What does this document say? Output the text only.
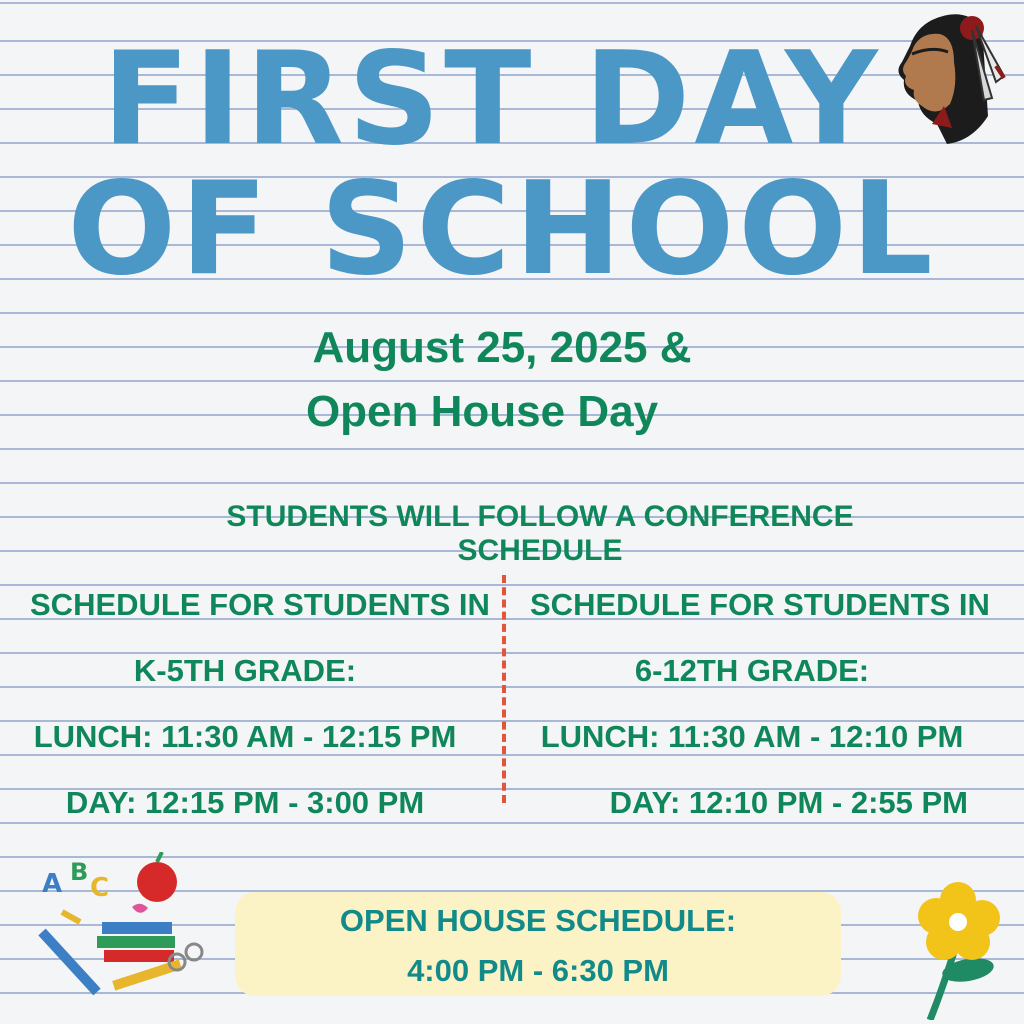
FIRST DAY
OF SCHOOL
August 25, 2025 &
Open House Day
STUDENTS WILL FOLLOW A CONFERENCE SCHEDULE
SCHEDULE FOR STUDENTS IN
K-5TH GRADE:
LUNCH: 11:30 AM - 12:15 PM
DAY: 12:15 PM - 3:00 PM
SCHEDULE FOR STUDENTS IN
6-12TH GRADE:
LUNCH: 11:30 AM - 12:10 PM
DAY: 12:10 PM - 2:55 PM
OPEN HOUSE SCHEDULE:
4:00 PM - 6:30 PM
A B
C
